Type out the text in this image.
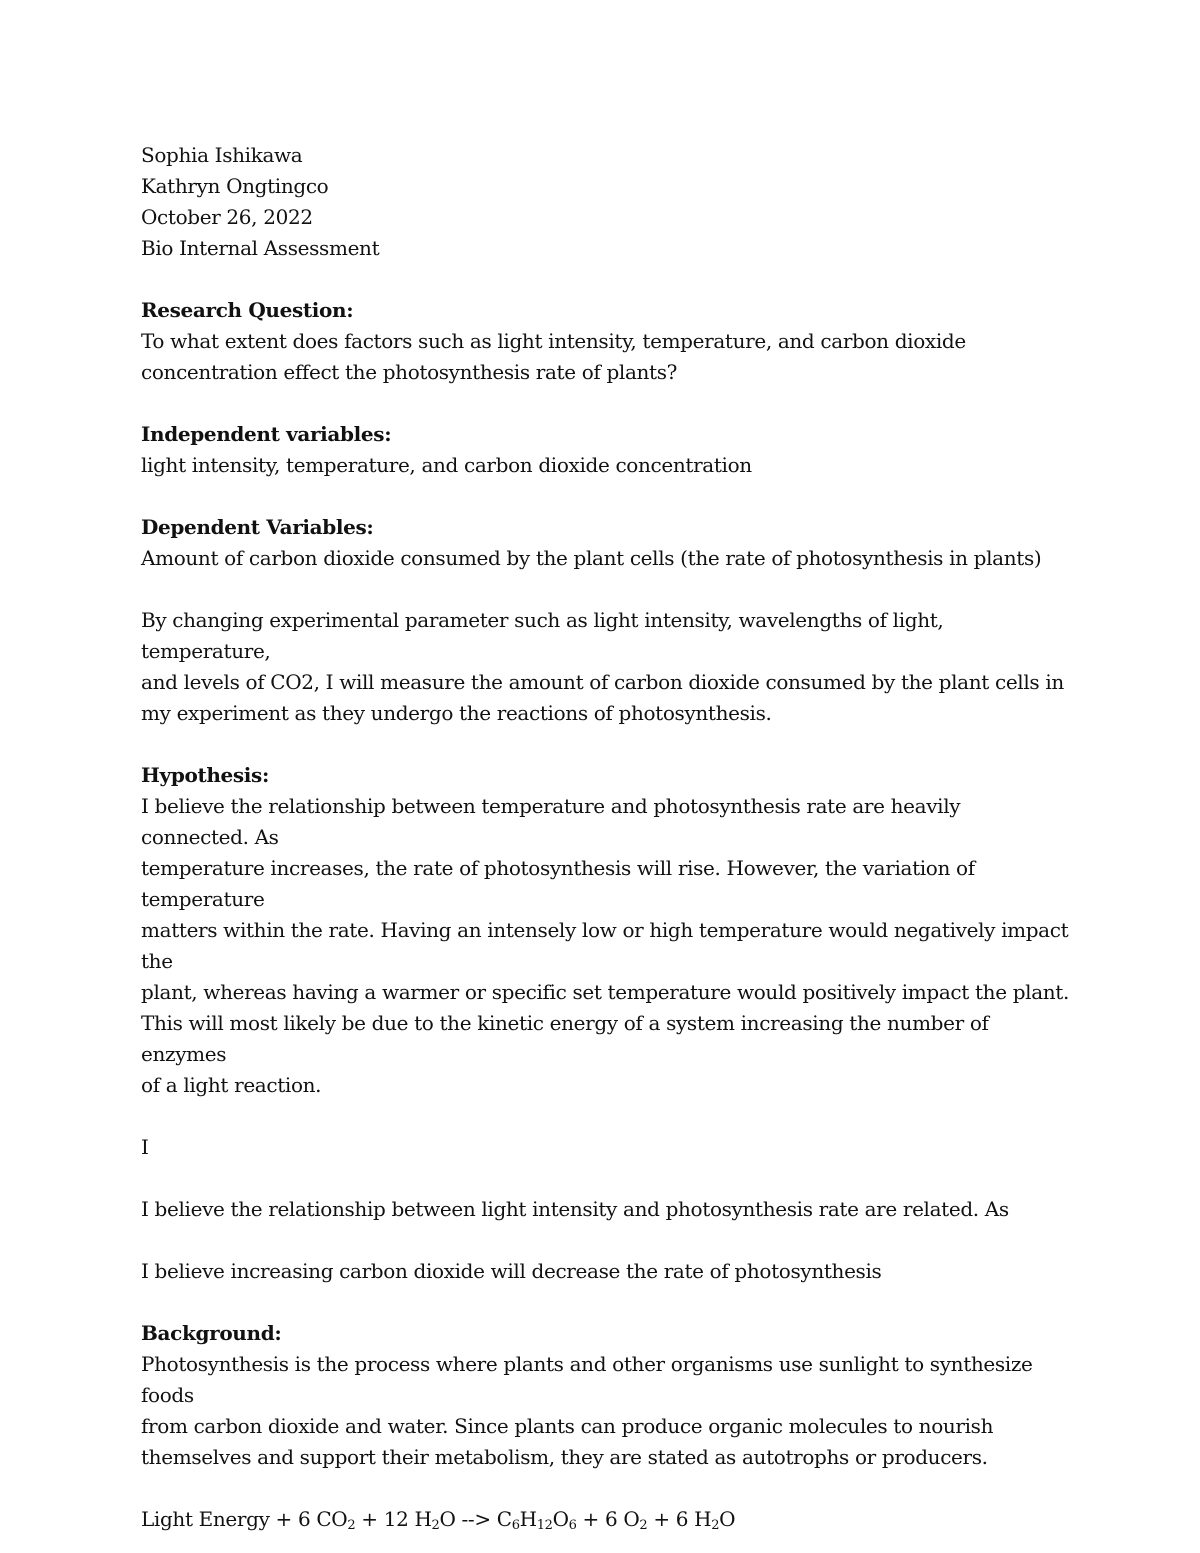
Sophia Ishikawa
Kathryn Ongtingco
October 26, 2022
Bio Internal Assessment
Research Question:
To what extent does factors such as light intensity, temperature, and carbon dioxide
concentration effect the photosynthesis rate of plants?
Independent variables:
light intensity, temperature, and carbon dioxide concentration
Dependent Variables:
Amount of carbon dioxide consumed by the plant cells (the rate of photosynthesis in plants)
By changing experimental parameter such as light intensity, wavelengths of light, temperature,
and levels of CO2, I will measure the amount of carbon dioxide consumed by the plant cells in
my experiment as they undergo the reactions of photosynthesis.
Hypothesis:
I believe the relationship between temperature and photosynthesis rate are heavily connected. As
temperature increases, the rate of photosynthesis will rise. However, the variation of temperature
matters within the rate. Having an intensely low or high temperature would negatively impact the
plant, whereas having a warmer or specific set temperature would positively impact the plant.
This will most likely be due to the kinetic energy of a system increasing the number of enzymes
of a light reaction.
I
I believe the relationship between light intensity and photosynthesis rate are related. As
I believe increasing carbon dioxide will decrease the rate of photosynthesis
Background:
Photosynthesis is the process where plants and other organisms use sunlight to synthesize foods
from carbon dioxide and water. Since plants can produce organic molecules to nourish
themselves and support their metabolism, they are stated as autotrophs or producers.
Light Energy + 6 $CO_2 + 12$ $H_2O$ --> $C_6H_{12}O_6 + 6$ $O_2 + 6$ $H_2O$
